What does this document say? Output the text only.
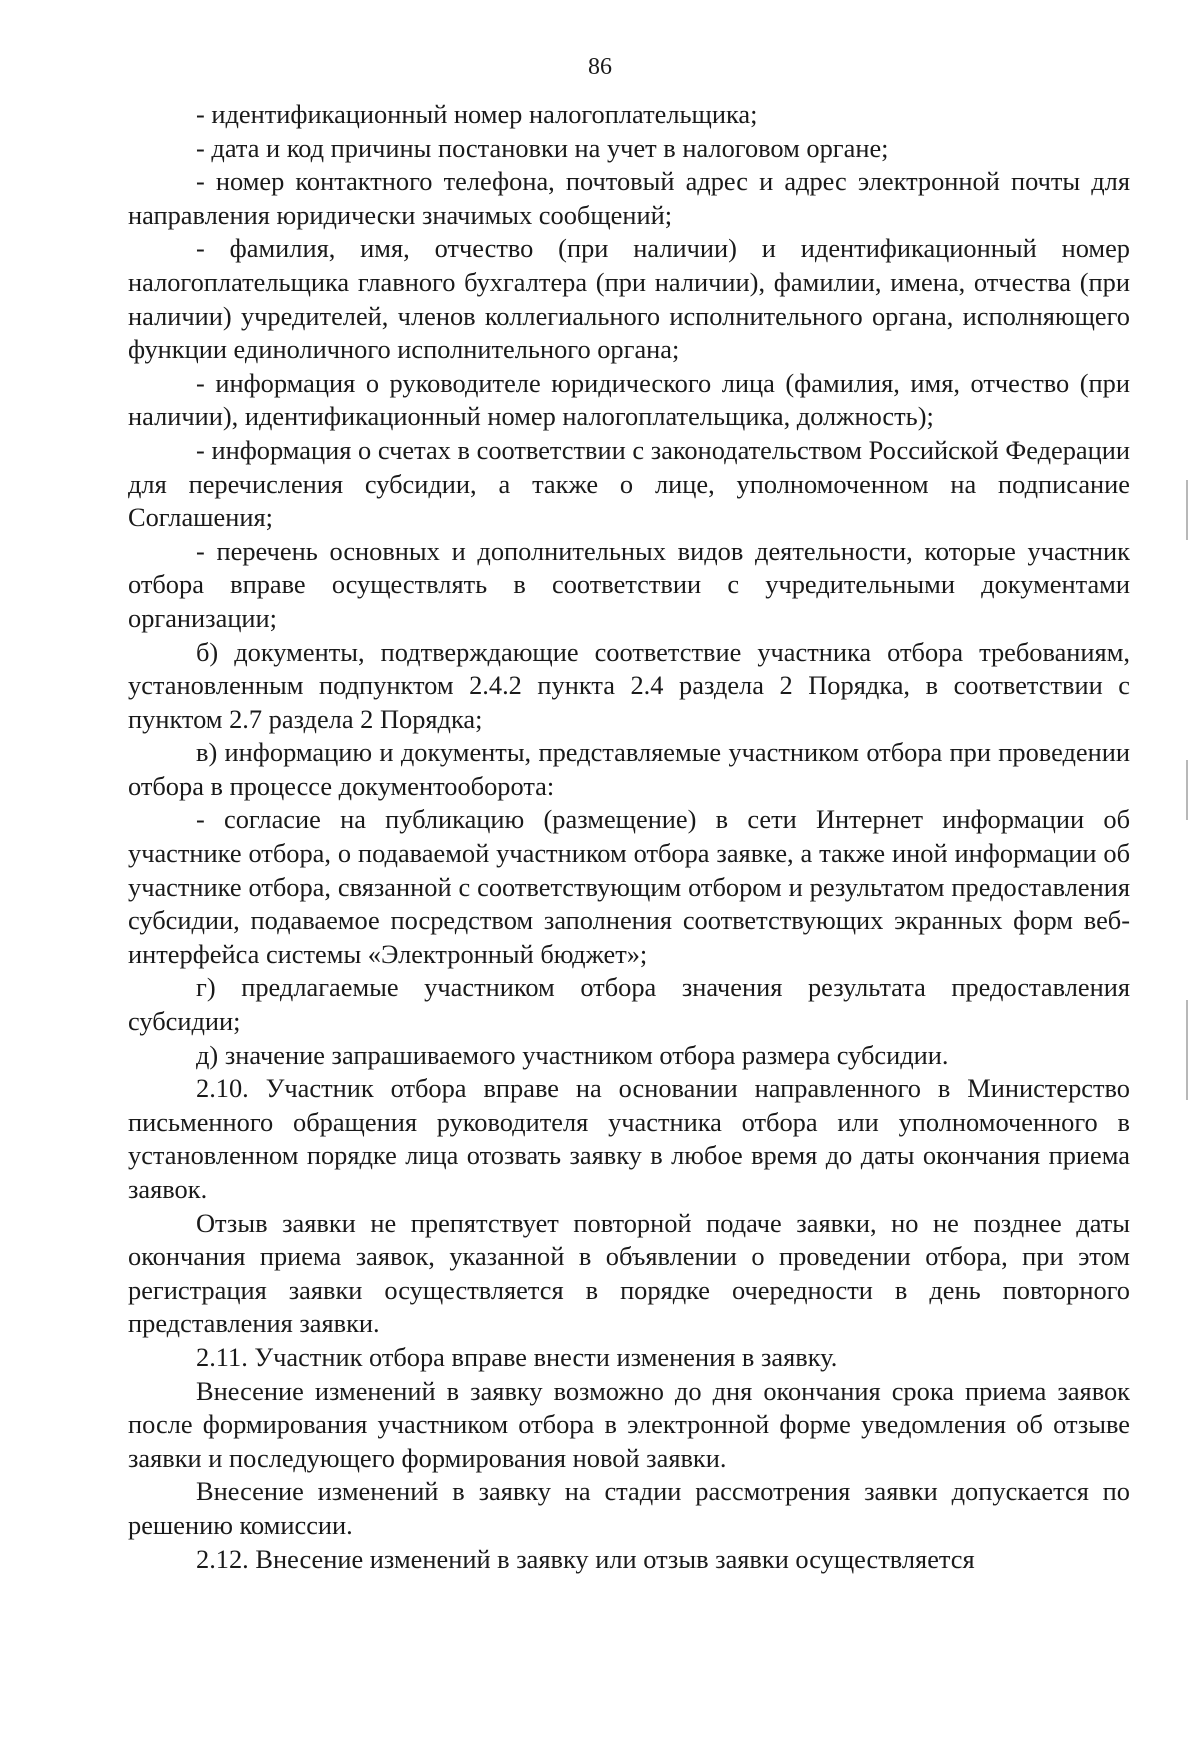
86

- идентификационный номер налогоплательщика;

- дата и код причины постановки на учет в налоговом органе;

- номер контактного телефона, почтовый адрес и адрес электронной почты для направления юридически значимых сообщений;

- фамилия, имя, отчество (при наличии) и идентификационный номер налогоплательщика главного бухгалтера (при наличии), фамилии, имена, отчества (при наличии) учредителей, членов коллегиального исполнительного органа, исполняющего функции единоличного исполнительного органа;

- информация о руководителе юридического лица (фамилия, имя, отчество (при наличии), идентификационный номер налогоплательщика, должность);

- информация о счетах в соответствии с законодательством Российской Федерации для перечисления субсидии, а также о лице, уполномоченном на подписание Соглашения;

- перечень основных и дополнительных видов деятельности, которые участник отбора вправе осуществлять в соответствии с учредительными документами организации;

б) документы, подтверждающие соответствие участника отбора требованиям, установленным подпунктом 2.4.2 пункта 2.4 раздела 2 Порядка, в соответствии с пунктом 2.7 раздела 2 Порядка;

в) информацию и документы, представляемые участником отбора при проведении отбора в процессе документооборота:

- согласие на публикацию (размещение) в сети Интернет информации об участнике отбора, о подаваемой участником отбора заявке, а также иной информации об участнике отбора, связанной с соответствующим отбором и результатом предоставления субсидии, подаваемое посредством заполнения соответствующих экранных форм веб-интерфейса системы «Электронный бюджет»;

г) предлагаемые участником отбора значения результата предоставления субсидии;

д) значение запрашиваемого участником отбора размера субсидии.

2.10. Участник отбора вправе на основании направленного в Министерство письменного обращения руководителя участника отбора или уполномоченного в установленном порядке лица отозвать заявку в любое время до даты окончания приема заявок.

Отзыв заявки не препятствует повторной подаче заявки, но не позднее даты окончания приема заявок, указанной в объявлении о проведении отбора, при этом регистрация заявки осуществляется в порядке очередности в день повторного представления заявки.

2.11. Участник отбора вправе внести изменения в заявку.

Внесение изменений в заявку возможно до дня окончания срока приема заявок после формирования участником отбора в электронной форме уведомления об отзыве заявки и последующего формирования новой заявки.

Внесение изменений в заявку на стадии рассмотрения заявки допускается по решению комиссии.

2.12. Внесение изменений в заявку или отзыв заявки осуществляется
